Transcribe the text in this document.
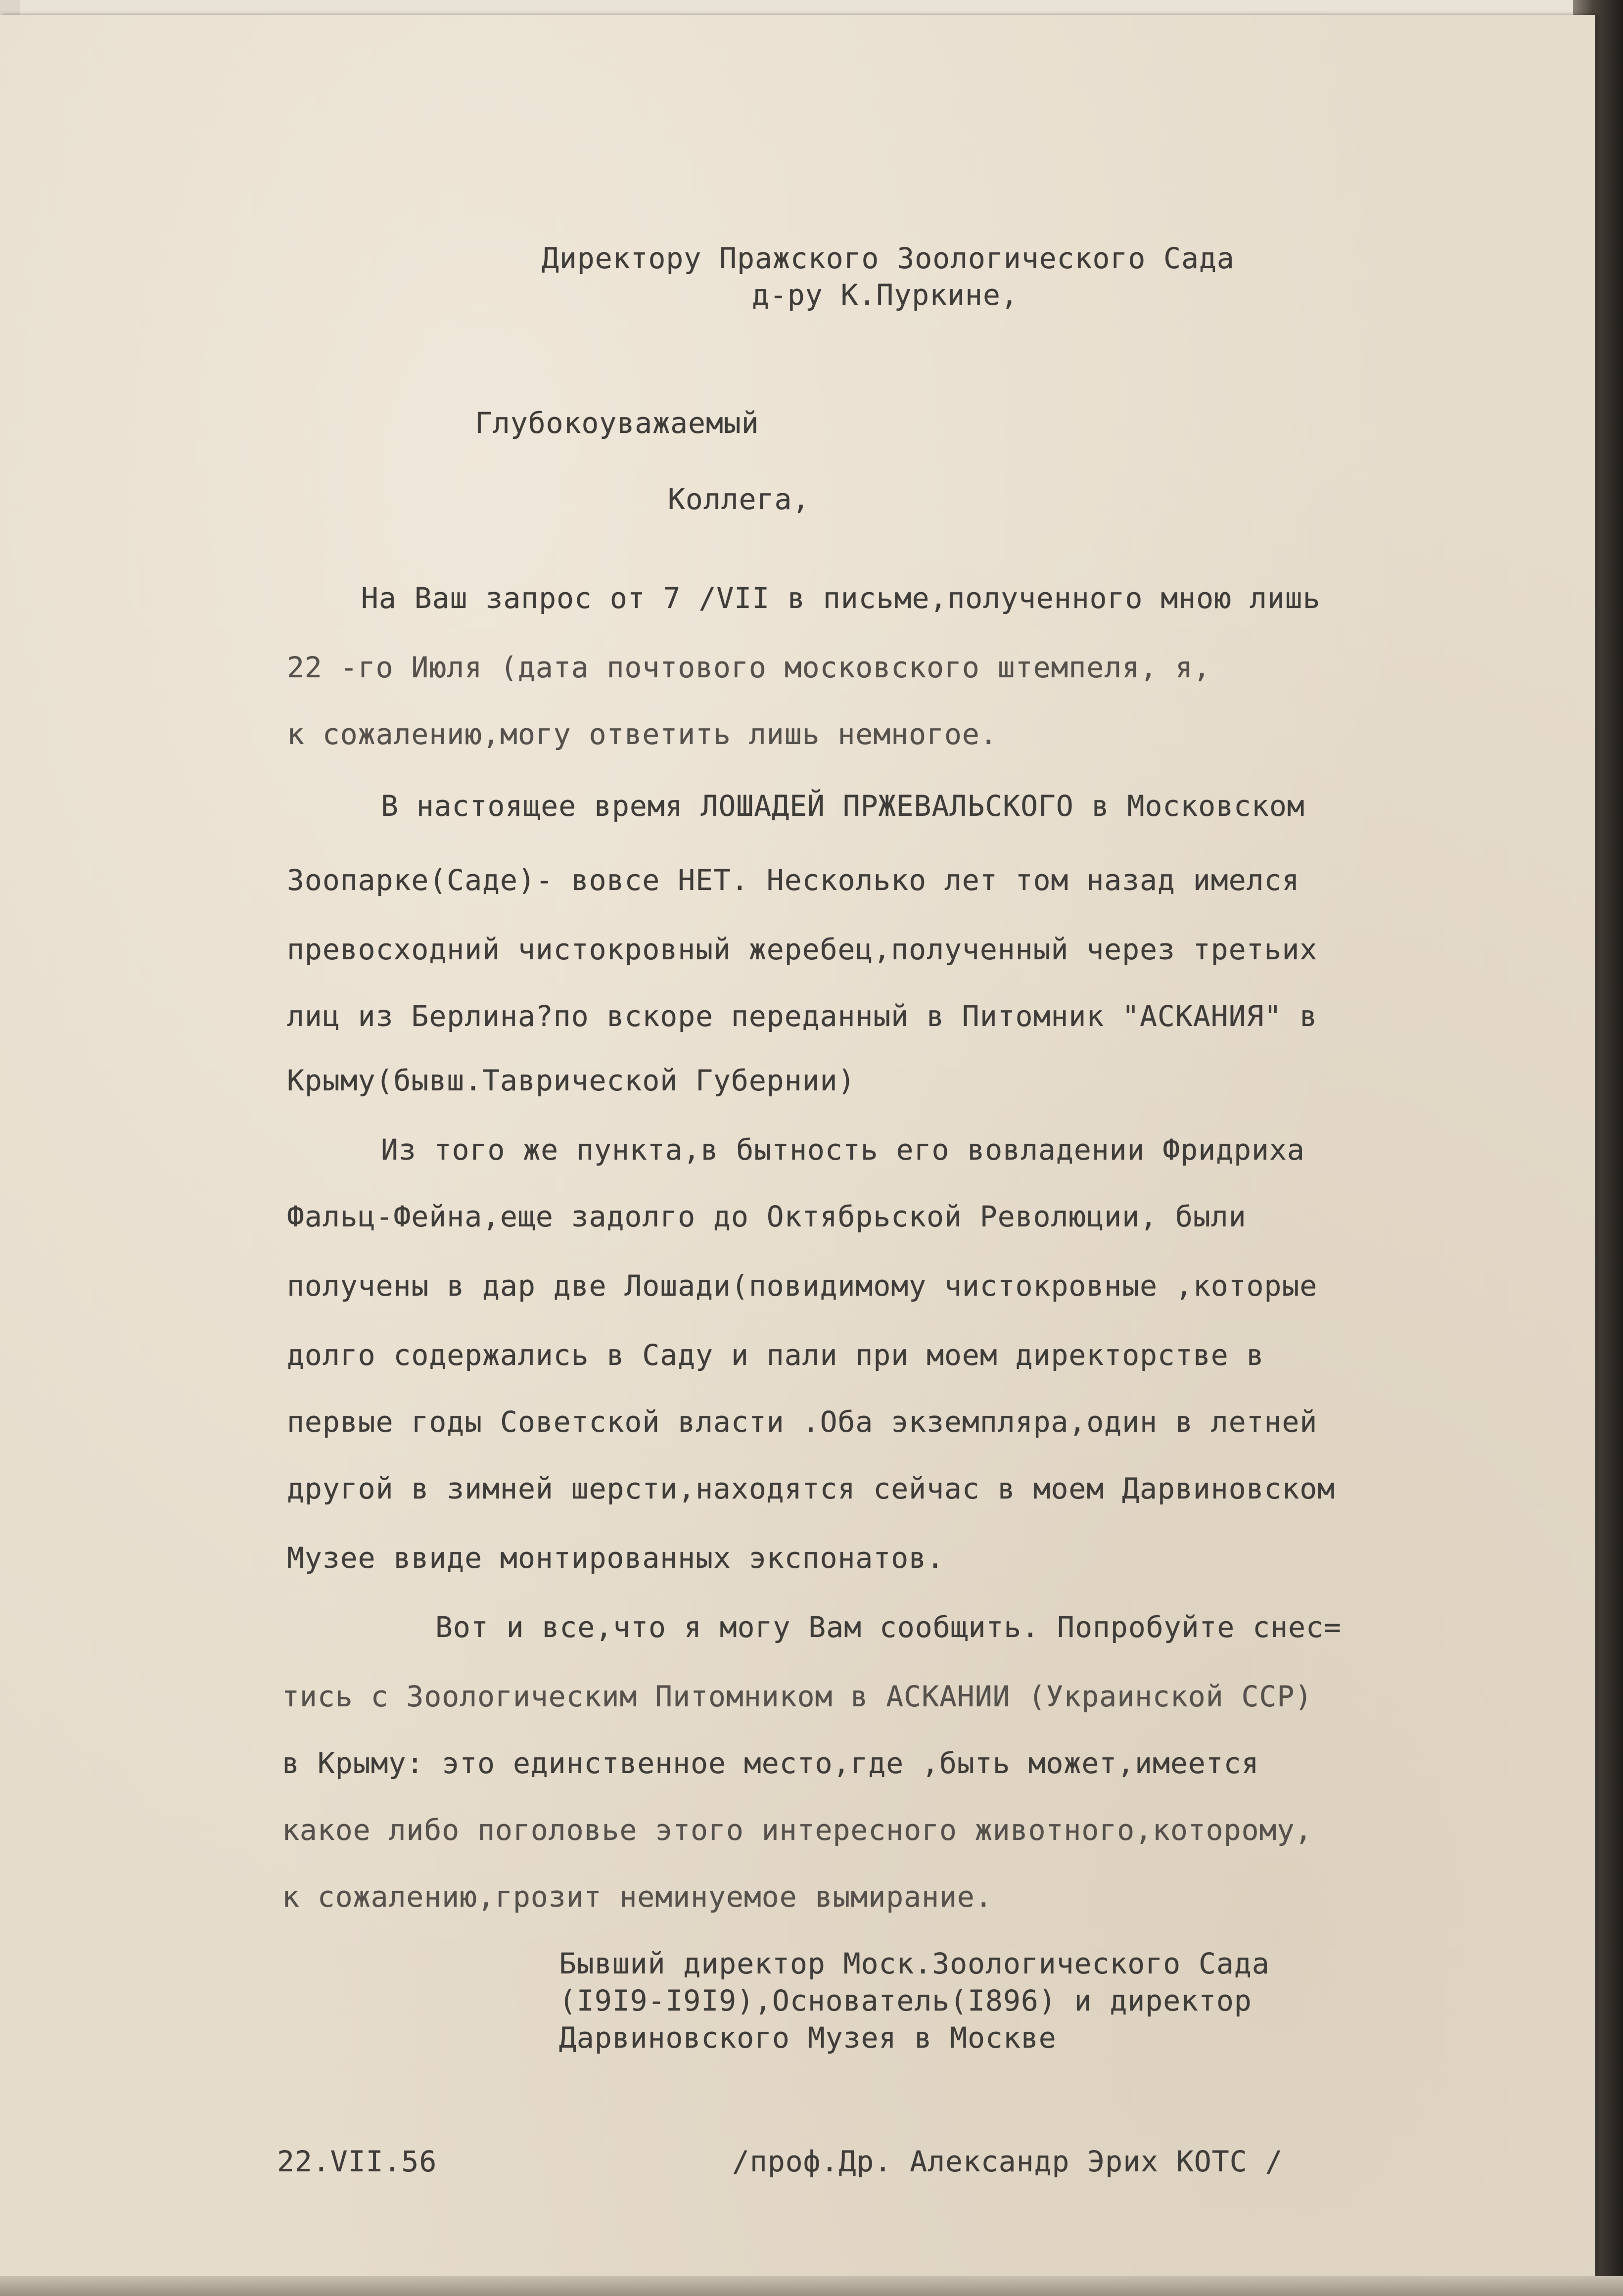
Директору Пражского Зоологического Сада
д-ру К.Пуркине,
Глубокоуважаемый
Коллега,
На Ваш запрос от 7 /VII в письме,полученного мною лишь
22 -го Июля (дата почтового московского штемпеля, я,
к сожалению,могу ответить лишь немногое.
В настоящее время ЛОШАДЕЙ ПРЖЕВАЛЬСКОГО в Московском
Зоопарке(Саде)- вовсе НЕТ. Несколько лет том назад имелся
превосходний чистокровный жеребец,полученный через третьих
лиц из Берлина?по вскоре переданный в Питомник "АСКАНИЯ" в
Крыму(бывш.Таврической Губернии)
Из того же пункта,в бытность его вовладении Фридриха
Фальц-Фейна,еще задолго до Октябрьской Революции, были
получены в дар две Лошади(повидимому чистокровные ,которые
долго содержались в Саду и пали при моем директорстве в
первые годы Советской власти .Оба экземпляра,один в летней
другой в зимней шерсти,находятся сейчас в моем Дарвиновском
Музее ввиде монтированных экспонатов.
Вот и все,что я могу Вам сообщить. Попробуйте снес=
тись с Зоологическим Питомником в АСКАНИИ (Украинской ССР)
в Крыму: это единственное место,где ,быть может,имеется
какое либо поголовье этого интересного животного,которому,
к сожалению,грозит неминуемое вымирание.
Бывший директор Моск.Зоологического Сада
(I9I9-I9I9),Основатель(I896) и директор
Дарвиновского Музея в Москве
22.VII.56	/проф.Др. Александр Эрих КОТС /
